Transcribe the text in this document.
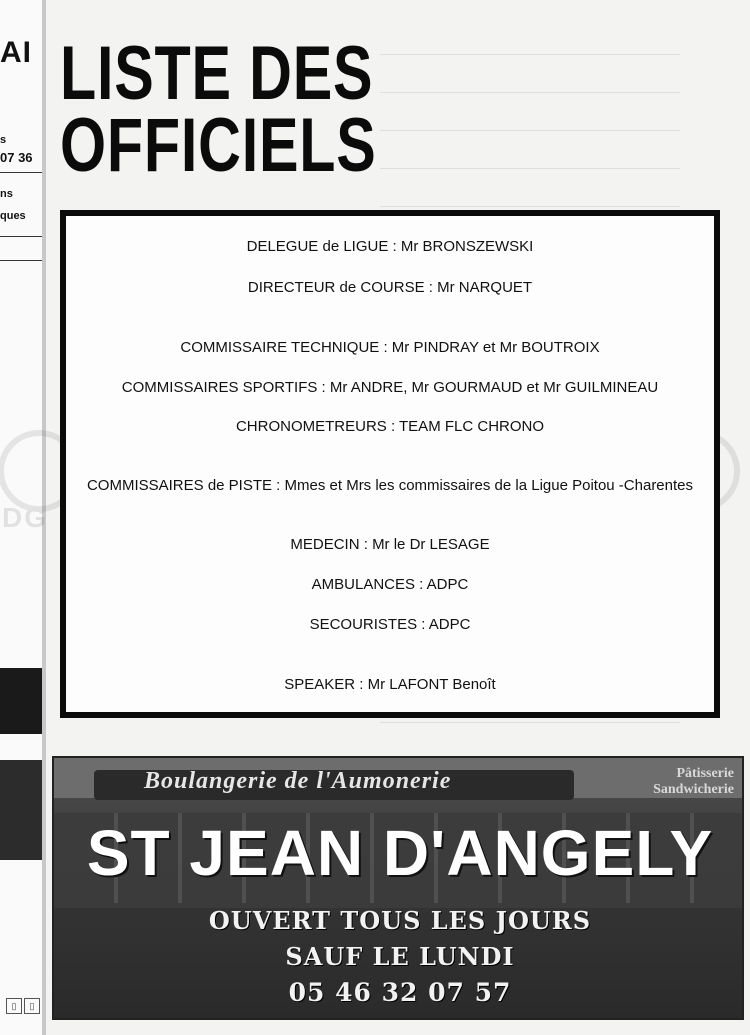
AI
s
07 36
ns
ques
▯	▯
LISTE DES
OFFICIELS
DELEGUE de LIGUE : Mr BRONSZEWSKI
DIRECTEUR de COURSE : Mr NARQUET
COMMISSAIRE TECHNIQUE : Mr PINDRAY et Mr BOUTROIX
COMMISSAIRES SPORTIFS : Mr ANDRE, Mr GOURMAUD et Mr GUILMINEAU
CHRONOMETREURS : TEAM FLC CHRONO
COMMISSAIRES de PISTE : Mmes et Mrs les commissaires de la Ligue Poitou -Charentes
MEDECIN : Mr le Dr LESAGE
AMBULANCES : ADPC
SECOURISTES : ADPC
SPEAKER : Mr LAFONT Benoît
Boulangerie de l'Aumonerie	Pâtisserie
Sandwicherie
ST JEAN D'ANGELY
OUVERT TOUS LES JOURS
SAUF LE LUNDI
05 46 32 07 57
